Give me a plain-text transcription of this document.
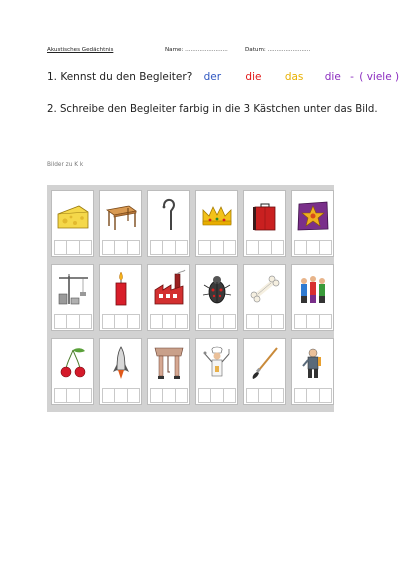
Akustisches Gedächtnis	Name: ........................	Datum: ........................
1. Kennst du den Begleiter? der die das die - ( viele )
2. Schreibe den Begleiter farbig in die 3 Kästchen unter das Bild.
Bilder zu K k
